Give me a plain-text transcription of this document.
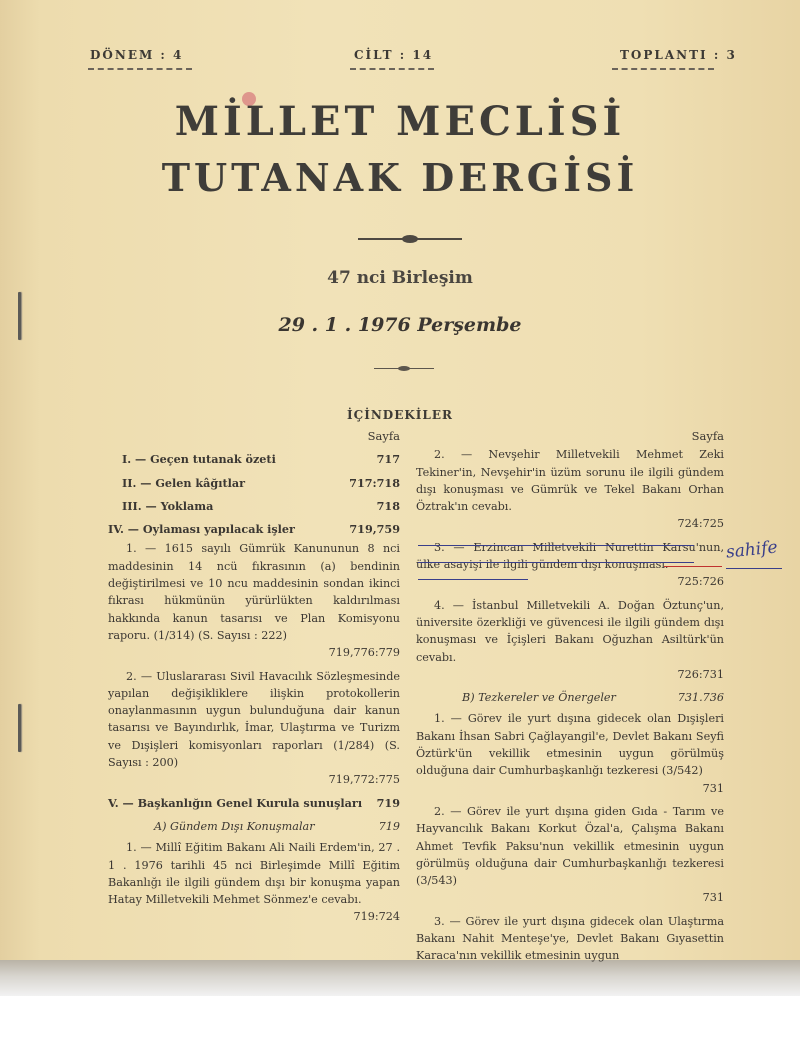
DÖNEM : 4	CİLT : 14	TOPLANTI : 3
MİLLET MECLİSİ
TUTANAK DERGİSİ
47 nci Birleşim
29 . 1 . 1976 Perşembe
İÇİNDEKİLER
Sayfa
I. — Geçen tutanak özeti	717
II. — Gelen kâğıtlar	717:718
III. — Yoklama	718
IV. — Oylaması yapılacak işler	719,759
1. — 1615 sayılı Gümrük Kanununun 8 nci maddesinin 14 ncü fıkrasının (a) bendinin değiştirilmesi ve 10 ncu maddesinin sondan ikinci fıkrası hükmünün yürürlükten kaldırılması hakkında kanun tasarısı ve Plan Komisyonu raporu. (1/314) (S. Sayısı : 222)
719,776:779
2. — Uluslararası Sivil Havacılık Sözleşmesinde yapılan değişikliklere ilişkin protokollerin onaylanmasının uygun bulunduğuna dair kanun tasarısı ve Bayındırlık, İmar, Ulaştırma ve Turizm ve Dışişleri komisyonları raporları (1/284) (S. Sayısı : 200)
719,772:775
V. — Başkanlığın Genel Kurula sunuşları 719
A) Gündem Dışı Konuşmalar	719
1. — Millî Eğitim Bakanı Ali Naili Erdem'in, 27 . 1 . 1976 tarihli 45 nci Birleşimde Millî Eğitim Bakanlığı ile ilgili gündem dışı bir konuşma yapan Hatay Milletvekili Mehmet Sönmez'e cevabı.
719:724
Sayfa
2. — Nevşehir Milletvekili Mehmet Zeki Tekiner'in, Nevşehir'in üzüm sorunu ile ilgili gündem dışı konuşması ve Gümrük ve Tekel Bakanı Orhan Öztrak'ın cevabı.
724:725
3. — Erzincan Milletvekili Nurettin Karsu'nun, ülke asayişi ile ilgili gündem dışı konuşması.
725:726
4. — İstanbul Milletvekili A. Doğan Öztunç'un, üniversite özerkliği ve güvencesi ile ilgili gündem dışı konuşması ve İçişleri Bakanı Oğuzhan Asiltürk'ün cevabı.
726:731
B) Tezkereler ve Önergeler	731.736
1. — Görev ile yurt dışına gidecek olan Dışişleri Bakanı İhsan Sabri Çağlayangil'e, Devlet Bakanı Seyfi Öztürk'ün vekillik etmesinin uygun görülmüş olduğuna dair Cumhurbaşkanlığı tezkeresi (3/542)
731
2. — Görev ile yurt dışına giden Gıda - Tarım ve Hayvancılık Bakanı Korkut Özal'a, Çalışma Bakanı Ahmet Tevfik Paksu'nun vekillik etmesinin uygun görülmüş olduğuna dair Cumhurbaşkanlığı tezkeresi (3/543)
731
3. — Görev ile yurt dışına gidecek olan Ulaştırma Bakanı Nahit Menteşe'ye, Devlet Bakanı Gıyasettin Karaca'nın vekillik etmesinin uygun
sahife
